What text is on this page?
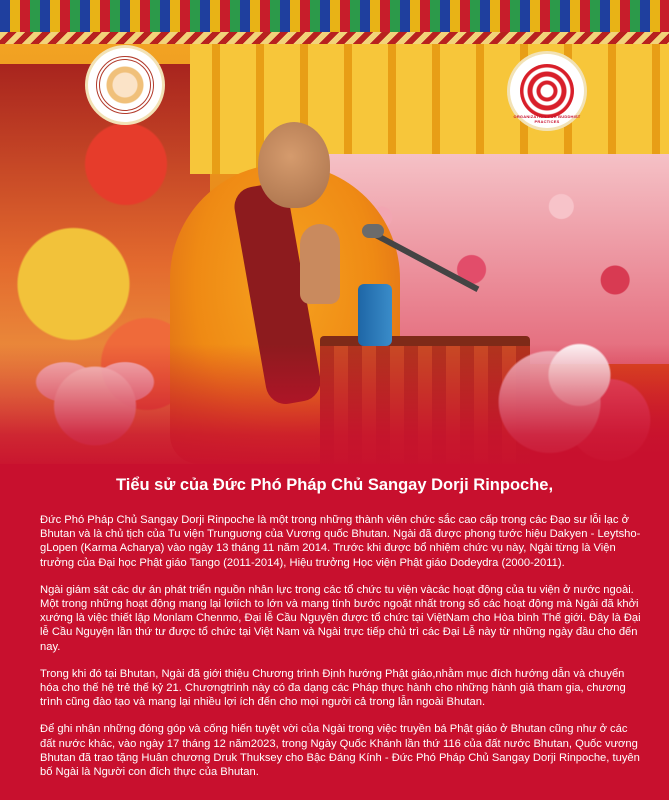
ORGANIZATION FOR BUDDHIST PRACTICES
Tiểu sử của Đức Phó Pháp Chủ Sangay Dorji Rinpoche,

Đức Phó Pháp Chủ Sangay Dorji Rinpoche là một trong những thành viên chức sắc cao cấp trong các Đạo sư lỗi lạc ở Bhutan và là chủ tịch của Tu viện Trunguơng của Vương quốc Bhutan. Ngài đã được phong tước hiệu Dakyen - Leytsho-gLopen (Karma Acharya) vào ngày 13 tháng 11 năm 2014. Trước khi được bổ nhiệm chức vụ này, Ngài từng là Viện trưởng của Đại học Phật giáo Tango (2011-2014), Hiệu trưởng Học viện Phật giáo Dodeydra (2000-2011).

Ngài giám sát các dự án phát triển nguồn nhân lực trong các tổ chức tu viện vàcác hoạt động của tu viện ở nước ngoài. Một trong những hoạt động mang lại lợiích to lớn và mang tính bước ngoặt nhất trong số các hoạt động mà Ngài đã khởi xướng là việc thiết lập Monlam Chenmo, Đại lễ Cầu Nguyện được tổ chức tại ViệtNam cho Hòa bình Thế giới. Đây là Đại lễ Cầu Nguyện lần thứ tư được tổ chức tại Việt Nam và Ngài trực tiếp chủ trì các Đại Lễ này từ những ngày đầu cho đến nay.

Trong khi đó tại Bhutan, Ngài đã giới thiệu Chương trình Định hướng Phật giáo,nhằm mục đích hướng dẫn và chuyển hóa cho thế hệ trẻ thế kỷ 21. Chươngtrình này có đa dạng các Pháp thực hành cho những hành giả tham gia, chương trình cũng đào tạo và mang lại nhiều lợi ích đến cho mọi người cả trong lẫn ngoài Bhutan.

Để ghi nhận những đóng góp và cống hiến tuyệt vời của Ngài trong việc truyền bá Phật giáo ở Bhutan cũng như ở các đất nước khác, vào ngày 17 tháng 12 năm2023, trong Ngày Quốc Khánh lần thứ 116 của đất nước Bhutan, Quốc vương Bhutan đã trao tặng Huân chương Druk Thuksey cho Bậc Đáng Kính - Đức Phó Pháp Chủ Sangay Dorji Rinpoche, tuyên bố Ngài là Người con đích thực của Bhutan.
